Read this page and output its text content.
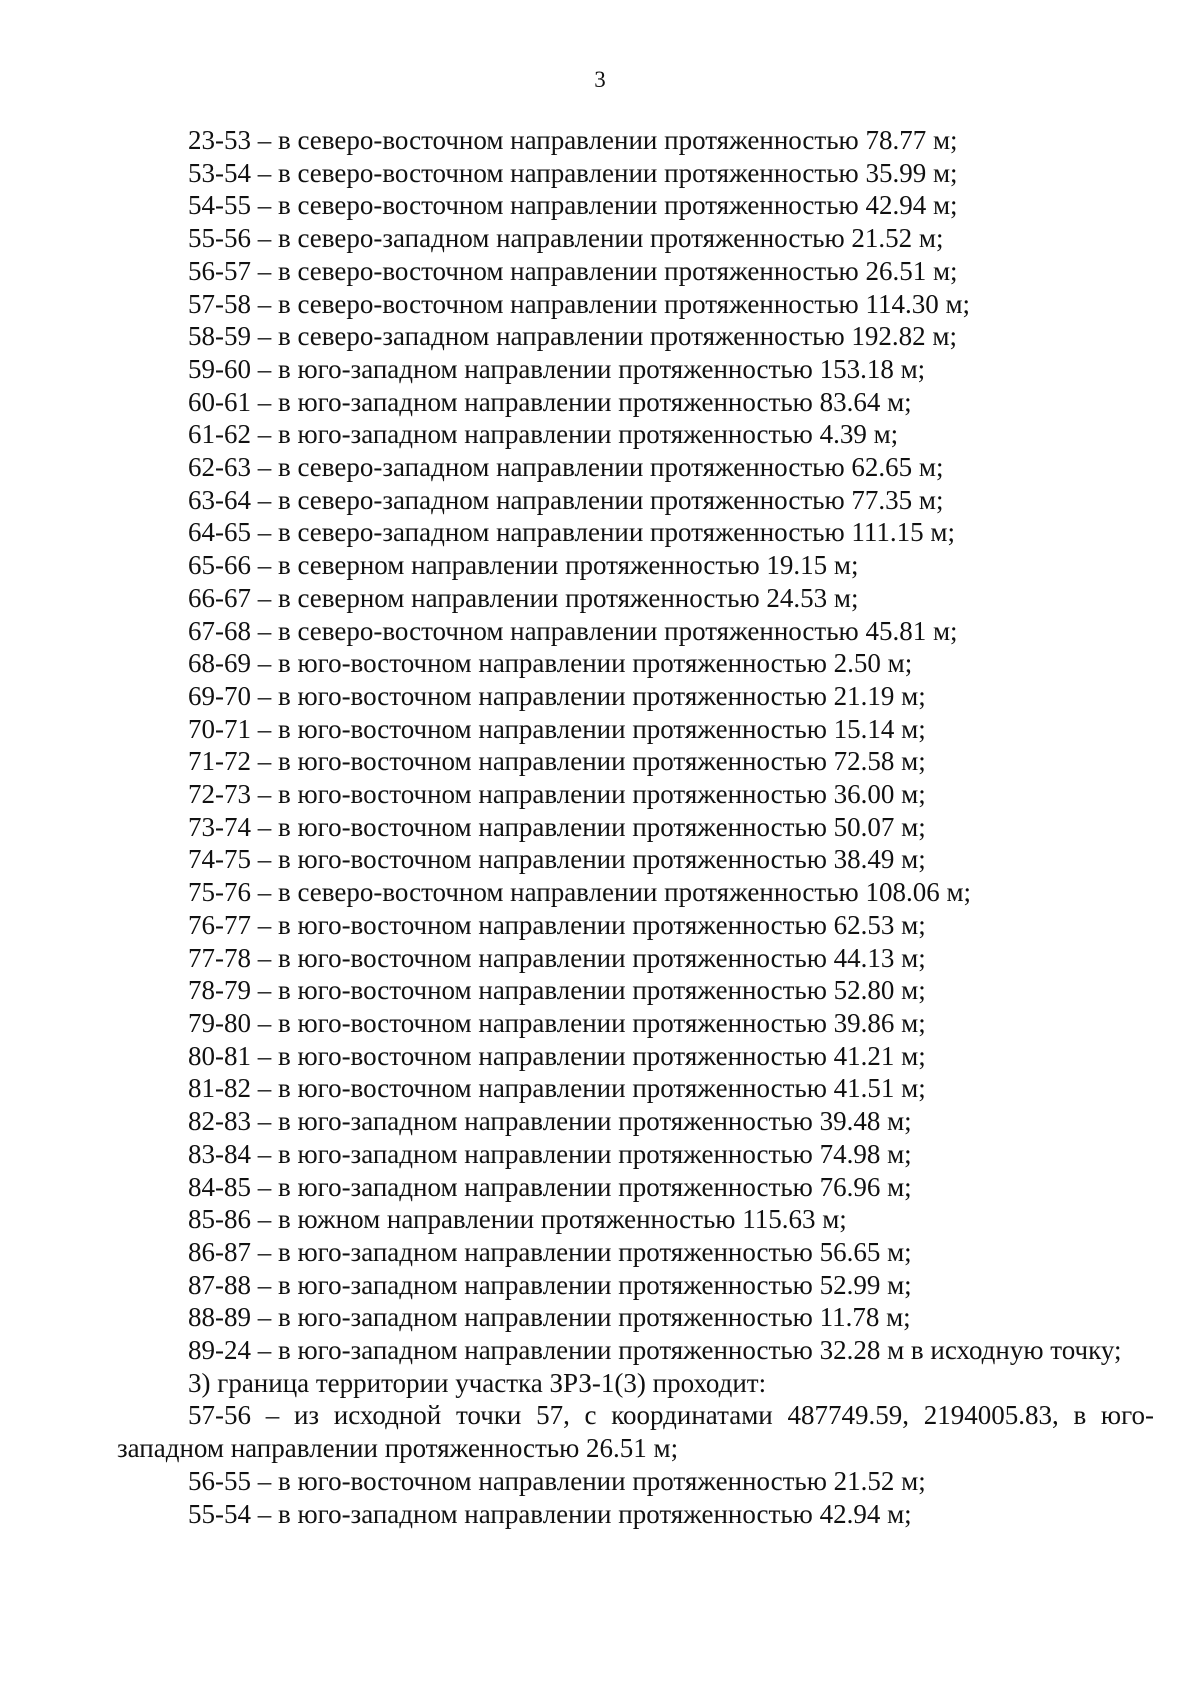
3

23-53 – в северо-восточном направлении протяженностью 78.77 м;

53-54 – в северо-восточном направлении протяженностью 35.99 м;

54-55 – в северо-восточном направлении протяженностью 42.94 м;

55-56 – в северо-западном направлении протяженностью 21.52 м;

56-57 – в северо-восточном направлении протяженностью 26.51 м;

57-58 – в северо-восточном направлении протяженностью 114.30 м;

58-59 – в северо-западном направлении протяженностью 192.82 м;

59-60 – в юго-западном направлении протяженностью 153.18 м;

60-61 – в юго-западном направлении протяженностью 83.64 м;

61-62 – в юго-западном направлении протяженностью 4.39 м;

62-63 – в северо-западном направлении протяженностью 62.65 м;

63-64 – в северо-западном направлении протяженностью 77.35 м;

64-65 – в северо-западном направлении протяженностью 111.15 м;

65-66 – в северном направлении протяженностью 19.15 м;

66-67 – в северном направлении протяженностью 24.53 м;

67-68 – в северо-восточном направлении протяженностью 45.81 м;

68-69 – в юго-восточном направлении протяженностью 2.50 м;

69-70 – в юго-восточном направлении протяженностью 21.19 м;

70-71 – в юго-восточном направлении протяженностью 15.14 м;

71-72 – в юго-восточном направлении протяженностью 72.58 м;

72-73 – в юго-восточном направлении протяженностью 36.00 м;

73-74 – в юго-восточном направлении протяженностью 50.07 м;

74-75 – в юго-восточном направлении протяженностью 38.49 м;

75-76 – в северо-восточном направлении протяженностью 108.06 м;

76-77 – в юго-восточном направлении протяженностью 62.53 м;

77-78 – в юго-восточном направлении протяженностью 44.13 м;

78-79 – в юго-восточном направлении протяженностью 52.80 м;

79-80 – в юго-восточном направлении протяженностью 39.86 м;

80-81 – в юго-восточном направлении протяженностью 41.21 м;

81-82 – в юго-восточном направлении протяженностью 41.51 м;

82-83 – в юго-западном направлении протяженностью 39.48 м;

83-84 – в юго-западном направлении протяженностью 74.98 м;

84-85 – в юго-западном направлении протяженностью 76.96 м;

85-86 – в южном направлении протяженностью 115.63 м;

86-87 – в юго-западном направлении протяженностью 56.65 м;

87-88 – в юго-западном направлении протяженностью 52.99 м;

88-89 – в юго-западном направлении протяженностью 11.78 м;

89-24 – в юго-западном направлении протяженностью 32.28 м в исходную точку;

3) граница территории участка ЗРЗ-1(3) проходит:

57-56 – из исходной точки 57, с координатами 487749.59, 2194005.83, в юго-западном направлении протяженностью 26.51 м;

56-55 – в юго-восточном направлении протяженностью 21.52 м;

55-54 – в юго-западном направлении протяженностью 42.94 м;
